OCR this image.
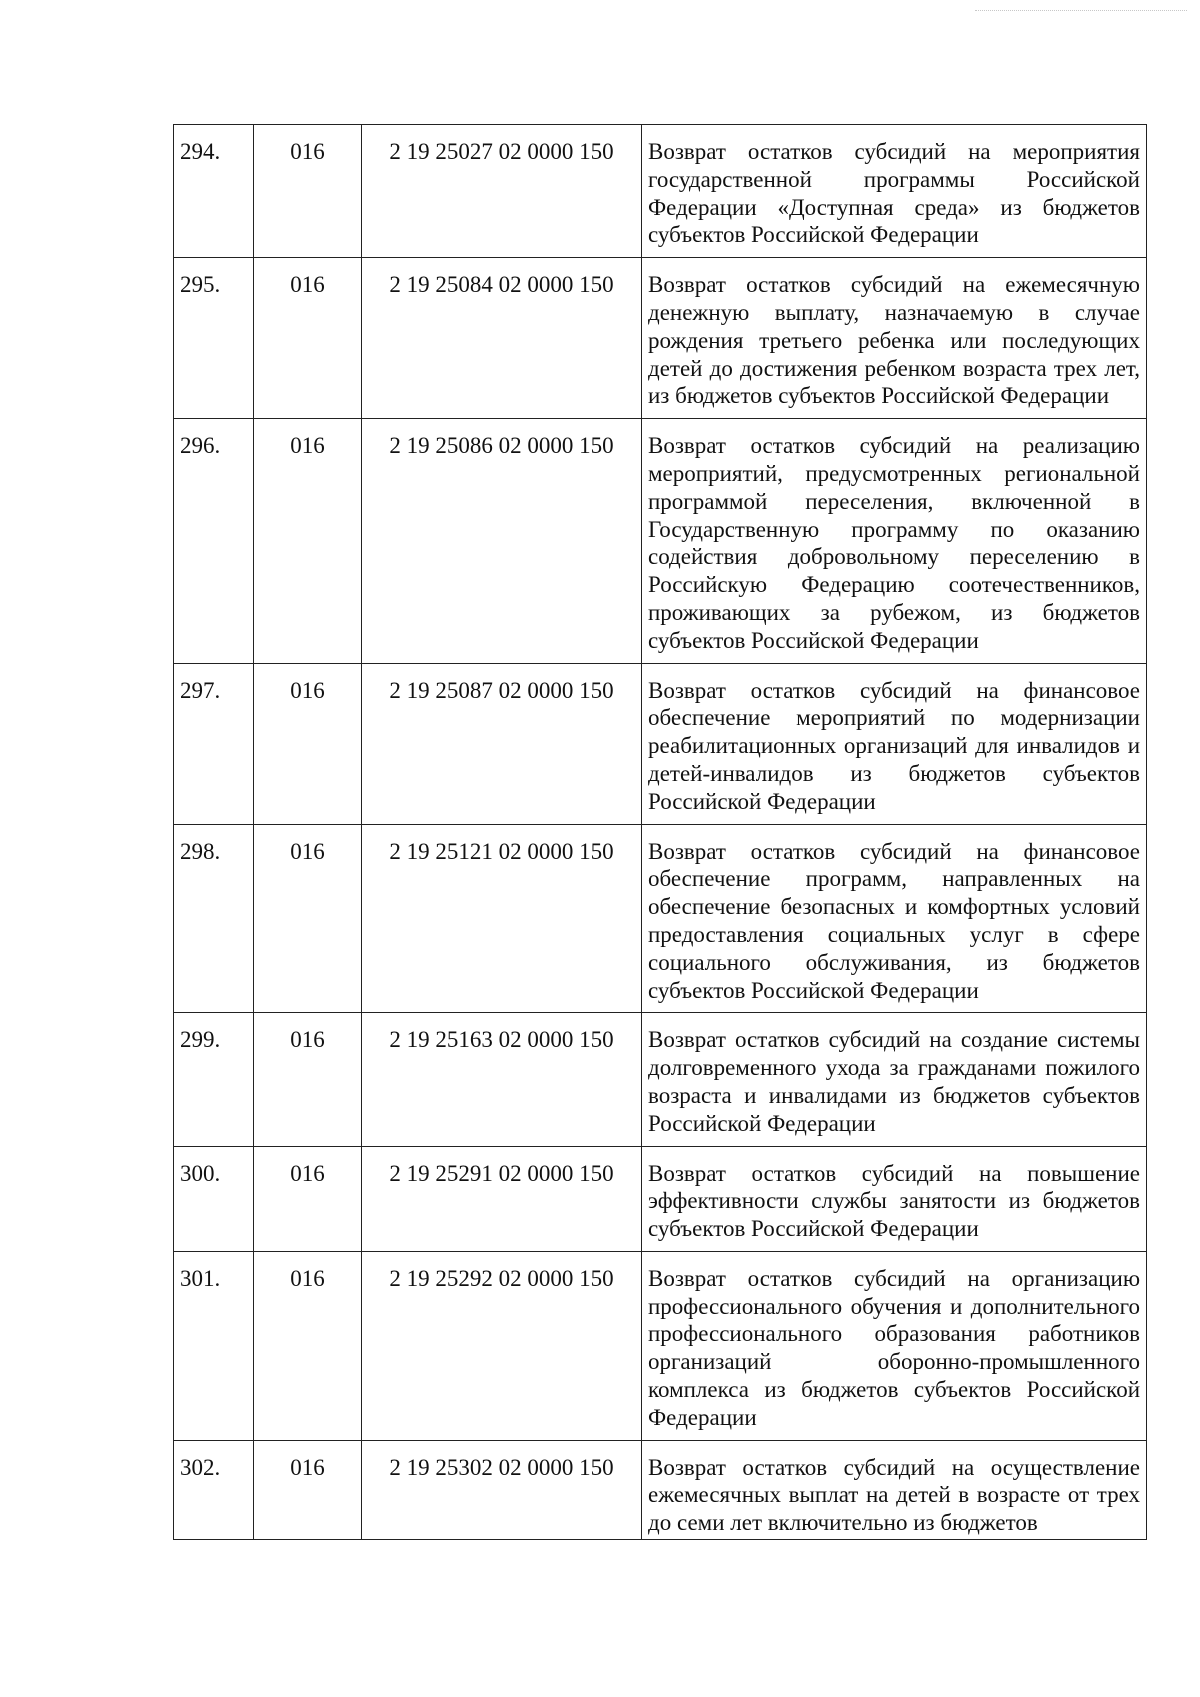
294.	016	2 19 25027 02 0000 150	Возврат остатков субсидий на мероприятия государственной программы Российской Федерации «Доступная среда» из бюджетов субъектов Российской Федерации
295.	016	2 19 25084 02 0000 150	Возврат остатков субсидий на ежемесячную денежную выплату, назначаемую в случае рождения третьего ребенка или последующих детей до достижения ребенком возраста трех лет, из бюджетов субъектов Российской Федерации
296.	016	2 19 25086 02 0000 150	Возврат остатков субсидий на реализацию мероприятий, предусмотренных региональной программой переселения, включенной в Государственную программу по оказанию содействия добровольному переселению в Российскую Федерацию соотечественников, проживающих за рубежом, из бюджетов субъектов Российской Федерации
297.	016	2 19 25087 02 0000 150	Возврат остатков субсидий на финансовое обеспечение мероприятий по модернизации реабилитационных организаций для инвалидов и детей-инвалидов из бюджетов субъектов Российской Федерации
298.	016	2 19 25121 02 0000 150	Возврат остатков субсидий на финансовое обеспечение программ, направленных на обеспечение безопасных и комфортных условий предоставления социальных услуг в сфере социального обслуживания, из бюджетов субъектов Российской Федерации
299.	016	2 19 25163 02 0000 150	Возврат остатков субсидий на создание системы долговременного ухода за гражданами пожилого возраста и инвалидами из бюджетов субъектов Российской Федерации
300.	016	2 19 25291 02 0000 150	Возврат остатков субсидий на повышение эффективности службы занятости из бюджетов субъектов Российской Федерации
301.	016	2 19 25292 02 0000 150	Возврат остатков субсидий на организацию профессионального обучения и дополнительного профессионального образования работников организаций оборонно-промышленного комплекса из бюджетов субъектов Российской Федерации
302.	016	2 19 25302 02 0000 150	Возврат остатков субсидий на осуществление ежемесячных выплат на детей в возрасте от трех до семи лет включительно из бюджетов
